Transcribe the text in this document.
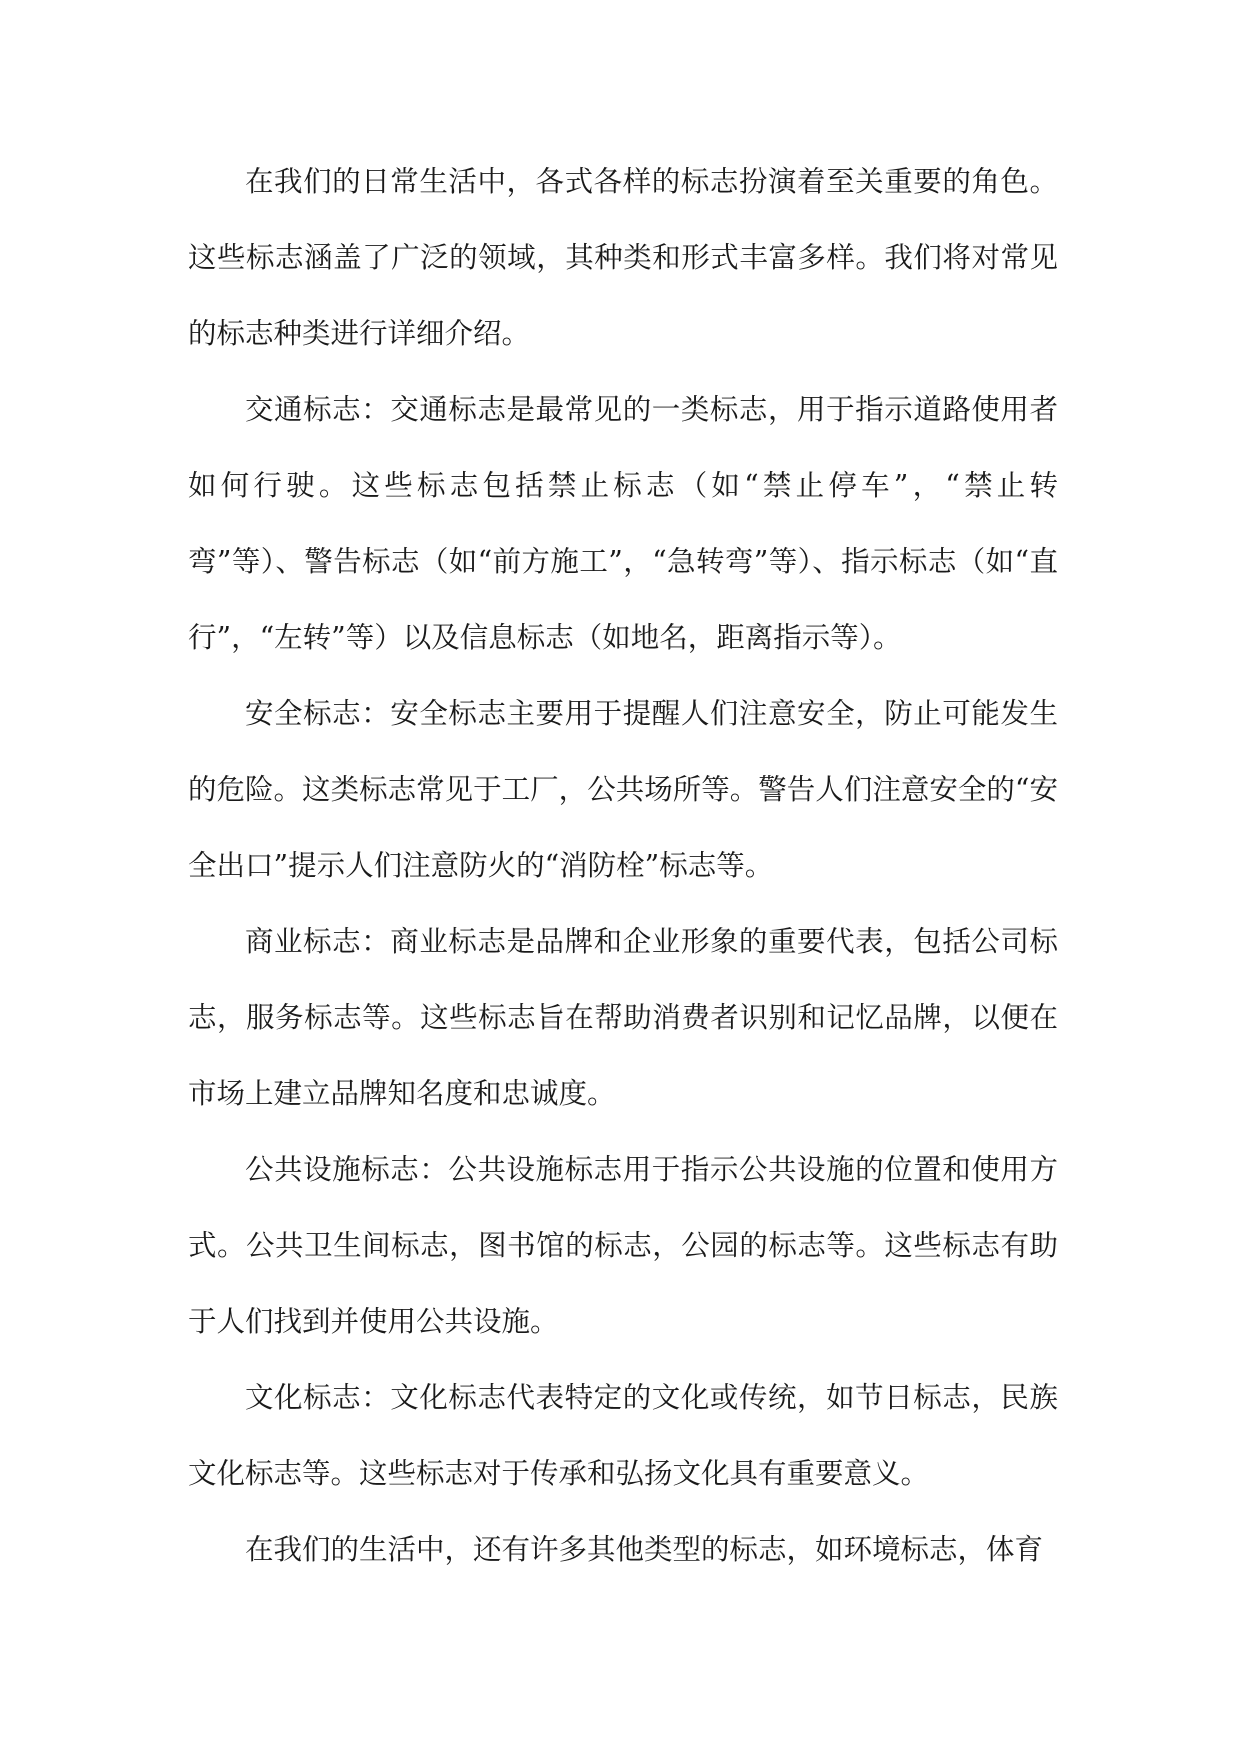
在我们的日常生活中，各式各样的标志扮演着至关重要的角色。这些标志涵盖了广泛的领域，其种类和形式丰富多样。我们将对常见的标志种类进行详细介绍。

交通标志：交通标志是最常见的一类标志，用于指示道路使用者如何行驶。这些标志包括禁止标志（如“禁止停车”，“禁止转弯”等）、警告标志（如“前方施工”，“急转弯”等）、指示标志（如“直行”，“左转”等）以及信息标志（如地名，距离指示等）。

安全标志：安全标志主要用于提醒人们注意安全，防止可能发生的危险。这类标志常见于工厂，公共场所等。警告人们注意安全的“安全出口”提示人们注意防火的“消防栓”标志等。

商业标志：商业标志是品牌和企业形象的重要代表，包括公司标志，服务标志等。这些标志旨在帮助消费者识别和记忆品牌，以便在市场上建立品牌知名度和忠诚度。

公共设施标志：公共设施标志用于指示公共设施的位置和使用方式。公共卫生间标志，图书馆的标志，公园的标志等。这些标志有助于人们找到并使用公共设施。

文化标志：文化标志代表特定的文化或传统，如节日标志，民族文化标志等。这些标志对于传承和弘扬文化具有重要意义。

在我们的生活中，还有许多其他类型的标志，如环境标志，体育
